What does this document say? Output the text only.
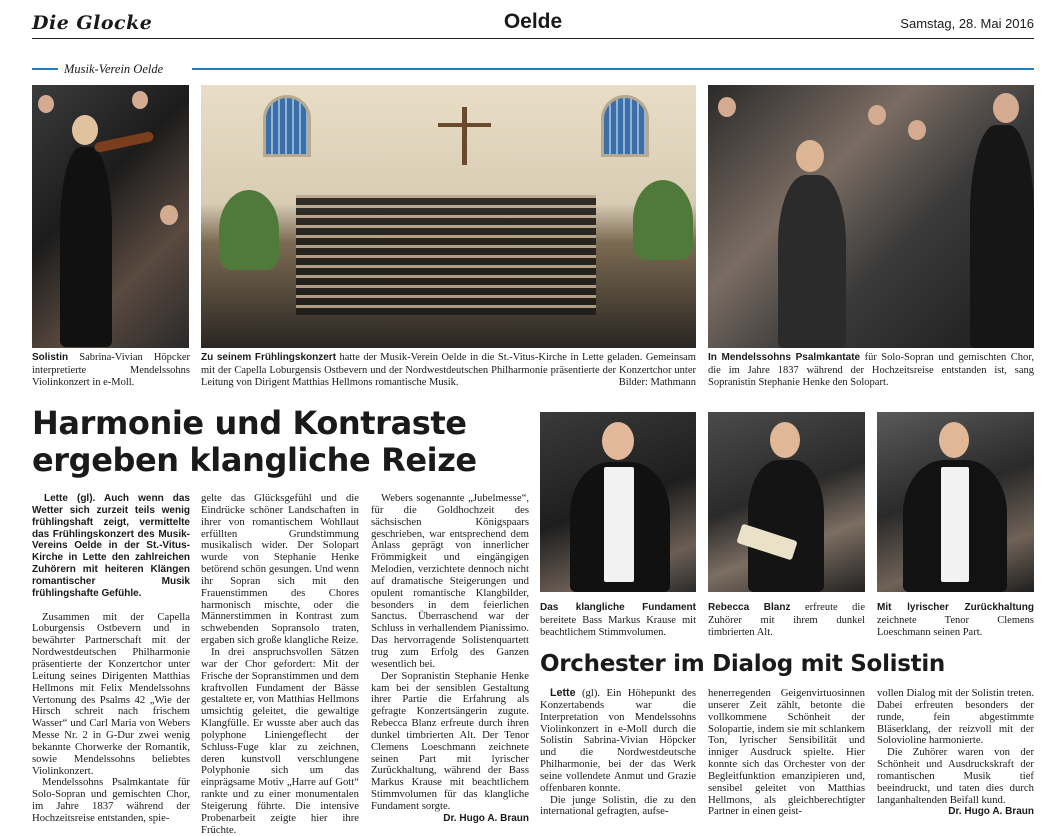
Die Glocke	Oelde	Samstag, 28. Mai 2016
Musik-Verein Oelde
Solistin Sabrina-Vivian Höpcker interpretierte Mendelssohns Violinkonzert in e-Moll.
Zu seinem Frühlingskonzert hatte der Musik-Verein Oelde in die St.-Vitus-Kirche in Lette geladen. Gemeinsam mit der Capella Loburgensis Ostbevern und der Nordwestdeutschen Philharmonie präsentierte der Konzertchor unter Leitung von Dirigent Matthias Hellmons romantische Musik.	Bilder: Mathmann
In Mendelssohns Psalmkantate für Solo-Sopran und gemischten Chor, die im Jahre 1837 während der Hochzeitsreise entstanden ist, sang Sopranistin Stephanie Henke den Solopart.
Harmonie und Kontraste
ergeben klangliche Reize

Lette (gl). Auch wenn das Wetter sich zurzeit teils wenig frühlingshaft zeigt, vermittelte das Frühlingskonzert des Musik-Vereins Oelde in der St.-Vitus-Kirche in Lette den zahlreichen Zuhörern mit heiteren Klängen romantischer Musik frühlingshafte Gefühle.

Zusammen mit der Capella Loburgensis Ostbevern und in bewährter Partnerschaft mit der Nordwestdeutschen Philharmonie präsentierte der Konzertchor unter Leitung seines Dirigenten Matthias Hellmons mit Felix Mendelssohns Vertonung des Psalms 42 „Wie der Hirsch schreit nach frischem Wasser“ und Carl Maria von Webers Messe Nr. 2 in G-Dur zwei wenig bekannte Chorwerke der Romantik, sowie Mendelssohns beliebtes Violinkonzert.

Mendelssohns Psalmkantate für Solo-Sopran und gemischten Chor, im Jahre 1837 während der Hochzeitsreise entstanden, spie-

gelte das Glücksgefühl und die Eindrücke schöner Landschaften in ihrer von romantischem Wohllaut erfüllten Grundstimmung musikalisch wider. Der Solopart wurde von Stephanie Henke betörend schön gesungen. Und wenn ihr Sopran sich mit den Frauenstimmen des Chores harmonisch mischte, oder die Männerstimmen in Kontrast zum schwebenden Sopransolo traten, ergaben sich große klangliche Reize.

In drei anspruchsvollen Sätzen war der Chor gefordert: Mit der Frische der Sopranstimmen und dem kraftvollen Fundament der Bässe gestaltete er, von Matthias Hellmons umsichtig geleitet, die gewaltige Klangfülle. Er wusste aber auch das polyphone Liniengeflecht der Schluss-Fuge klar zu zeichnen, deren kunstvoll verschlungene Polyphonie sich um das einprägsame Motiv „Harre auf Gott“ rankte und zu einer monumentalen Steigerung führte. Die intensive Probenarbeit zeigte hier ihre Früchte.

Webers sogenannte „Jubelmesse“, für die Goldhochzeit des sächsischen Königspaars geschrieben, war entsprechend dem Anlass geprägt von innerlicher Frömmigkeit und eingängigen Melodien, verzichtete dennoch nicht auf dramatische Steigerungen und opulent romantische Klangbilder, besonders in dem feierlichen Sanctus. Überraschend war der Schluss in verhallendem Pianissimo. Das hervorragende Solistenquartett trug zum Erfolg des Ganzen wesentlich bei.

Der Sopranistin Stephanie Henke kam bei der sensiblen Gestaltung ihrer Partie die Erfahrung als gefragte Konzertsängerin zugute. Rebecca Blanz erfreute durch ihren dunkel timbrierten Alt. Der Tenor Clemens Loeschmann zeichnete seinen Part mit lyrischer Zurückhaltung, während der Bass Markus Krause mit beachtlichem Stimmvolumen für das klangliche Fundament sorgte.

Dr. Hugo A. Braun
Das klangliche Fundament bereitete Bass Markus Krause mit beachtlichem Stimmvolumen.
Rebecca Blanz erfreute die Zuhörer mit ihrem dunkel timbrierten Alt.
Mit lyrischer Zurückhaltung zeichnete Tenor Clemens Loeschmann seinen Part.
Orchester im Dialog mit Solistin

Lette (gl). Ein Höhepunkt des Konzertabends war die Interpretation von Mendelssohns Violinkonzert in e-Moll durch die Solistin Sabrina-Vivian Höpcker und die Nordwestdeutsche Philharmonie, bei der das Werk seine vollendete Anmut und Grazie offenbaren konnte.

Die junge Solistin, die zu den international gefragten, aufse-

henerregenden Geigenvirtuosinnen unserer Zeit zählt, betonte die vollkommene Schönheit der Solopartie, indem sie mit schlankem Ton, lyrischer Sensibilität und inniger Ausdruck spielte. Hier konnte sich das Orchester von der Begleitfunktion emanzipieren und, sensibel geleitet von Matthias Hellmons, als gleichberechtigter Partner in einen geist-

vollen Dialog mit der Solistin treten. Dabei erfreuten besonders der runde, fein abgestimmte Bläserklang, der reizvoll mit der Solovioline harmonierte.

Die Zuhörer waren von der Schönheit und Ausdruckskraft der romantischen Musik tief beeindruckt, und taten dies durch langanhaltenden Beifall kund.

Dr. Hugo A. Braun
